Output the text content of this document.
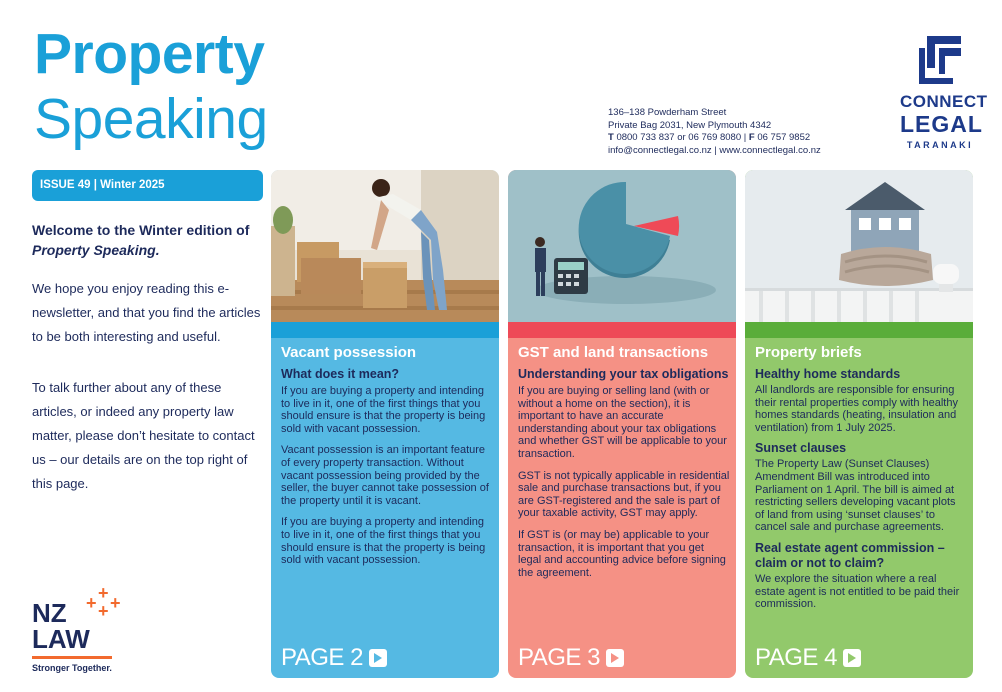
Property
Speaking	136–138 Powderham Street
Private Bag 2031, New Plymouth 4342
T 0800 733 837 or 06 769 8080 | F 06 757 9852
info@connectlegal.co.nz | www.connectlegal.co.nz
CONNECT
LEGAL
TARANAKI
ISSUE 49 | Winter 2025
Welcome to the Winter edition of Property Speaking.
We hope you enjoy reading this e-newsletter, and that you find the articles to be both interesting and useful.
To talk further about any of these articles, or indeed any property law matter, please don’t hesitate to contact us – our details are on the top right of this page.
NZ
LAW
+ +
+ +
Stronger Together.
Vacant possession
What does it mean?

If you are buying a property and intending to live in it, one of the first things that you should ensure is that the property is being sold with vacant possession.

Vacant possession is an important feature of every property transaction. Without vacant possession being provided by the seller, the buyer cannot take possession of the property until it is vacant.

If you are buying a property and intending to live in it, one of the first things that you should ensure is that the property is being sold with vacant possession.

PAGE 2
GST and land transactions
Understanding your tax obligations

If you are buying or selling land (with or without a home on the section), it is important to have an accurate understanding about your tax obligations and whether GST will be applicable to your transaction.

GST is not typically applicable in residential sale and purchase transactions but, if you are GST-registered and the sale is part of your taxable activity, GST may apply.

If GST is (or may be) applicable to your transaction, it is important that you get legal and accounting advice before signing the agreement.

PAGE 3
Property briefs
Healthy home standards

All landlords are responsible for ensuring their rental properties comply with healthy homes standards (heating, insulation and ventilation) from 1 July 2025.

Sunset clauses

The Property Law (Sunset Clauses) Amendment Bill was introduced into Parliament on 1 April. The bill is aimed at restricting sellers developing vacant plots of land from using ‘sunset clauses’ to cancel sale and purchase agreements.

Real estate agent commission – claim or not to claim?

We explore the situation where a real estate agent is not entitled to be paid their commission.

PAGE 4
